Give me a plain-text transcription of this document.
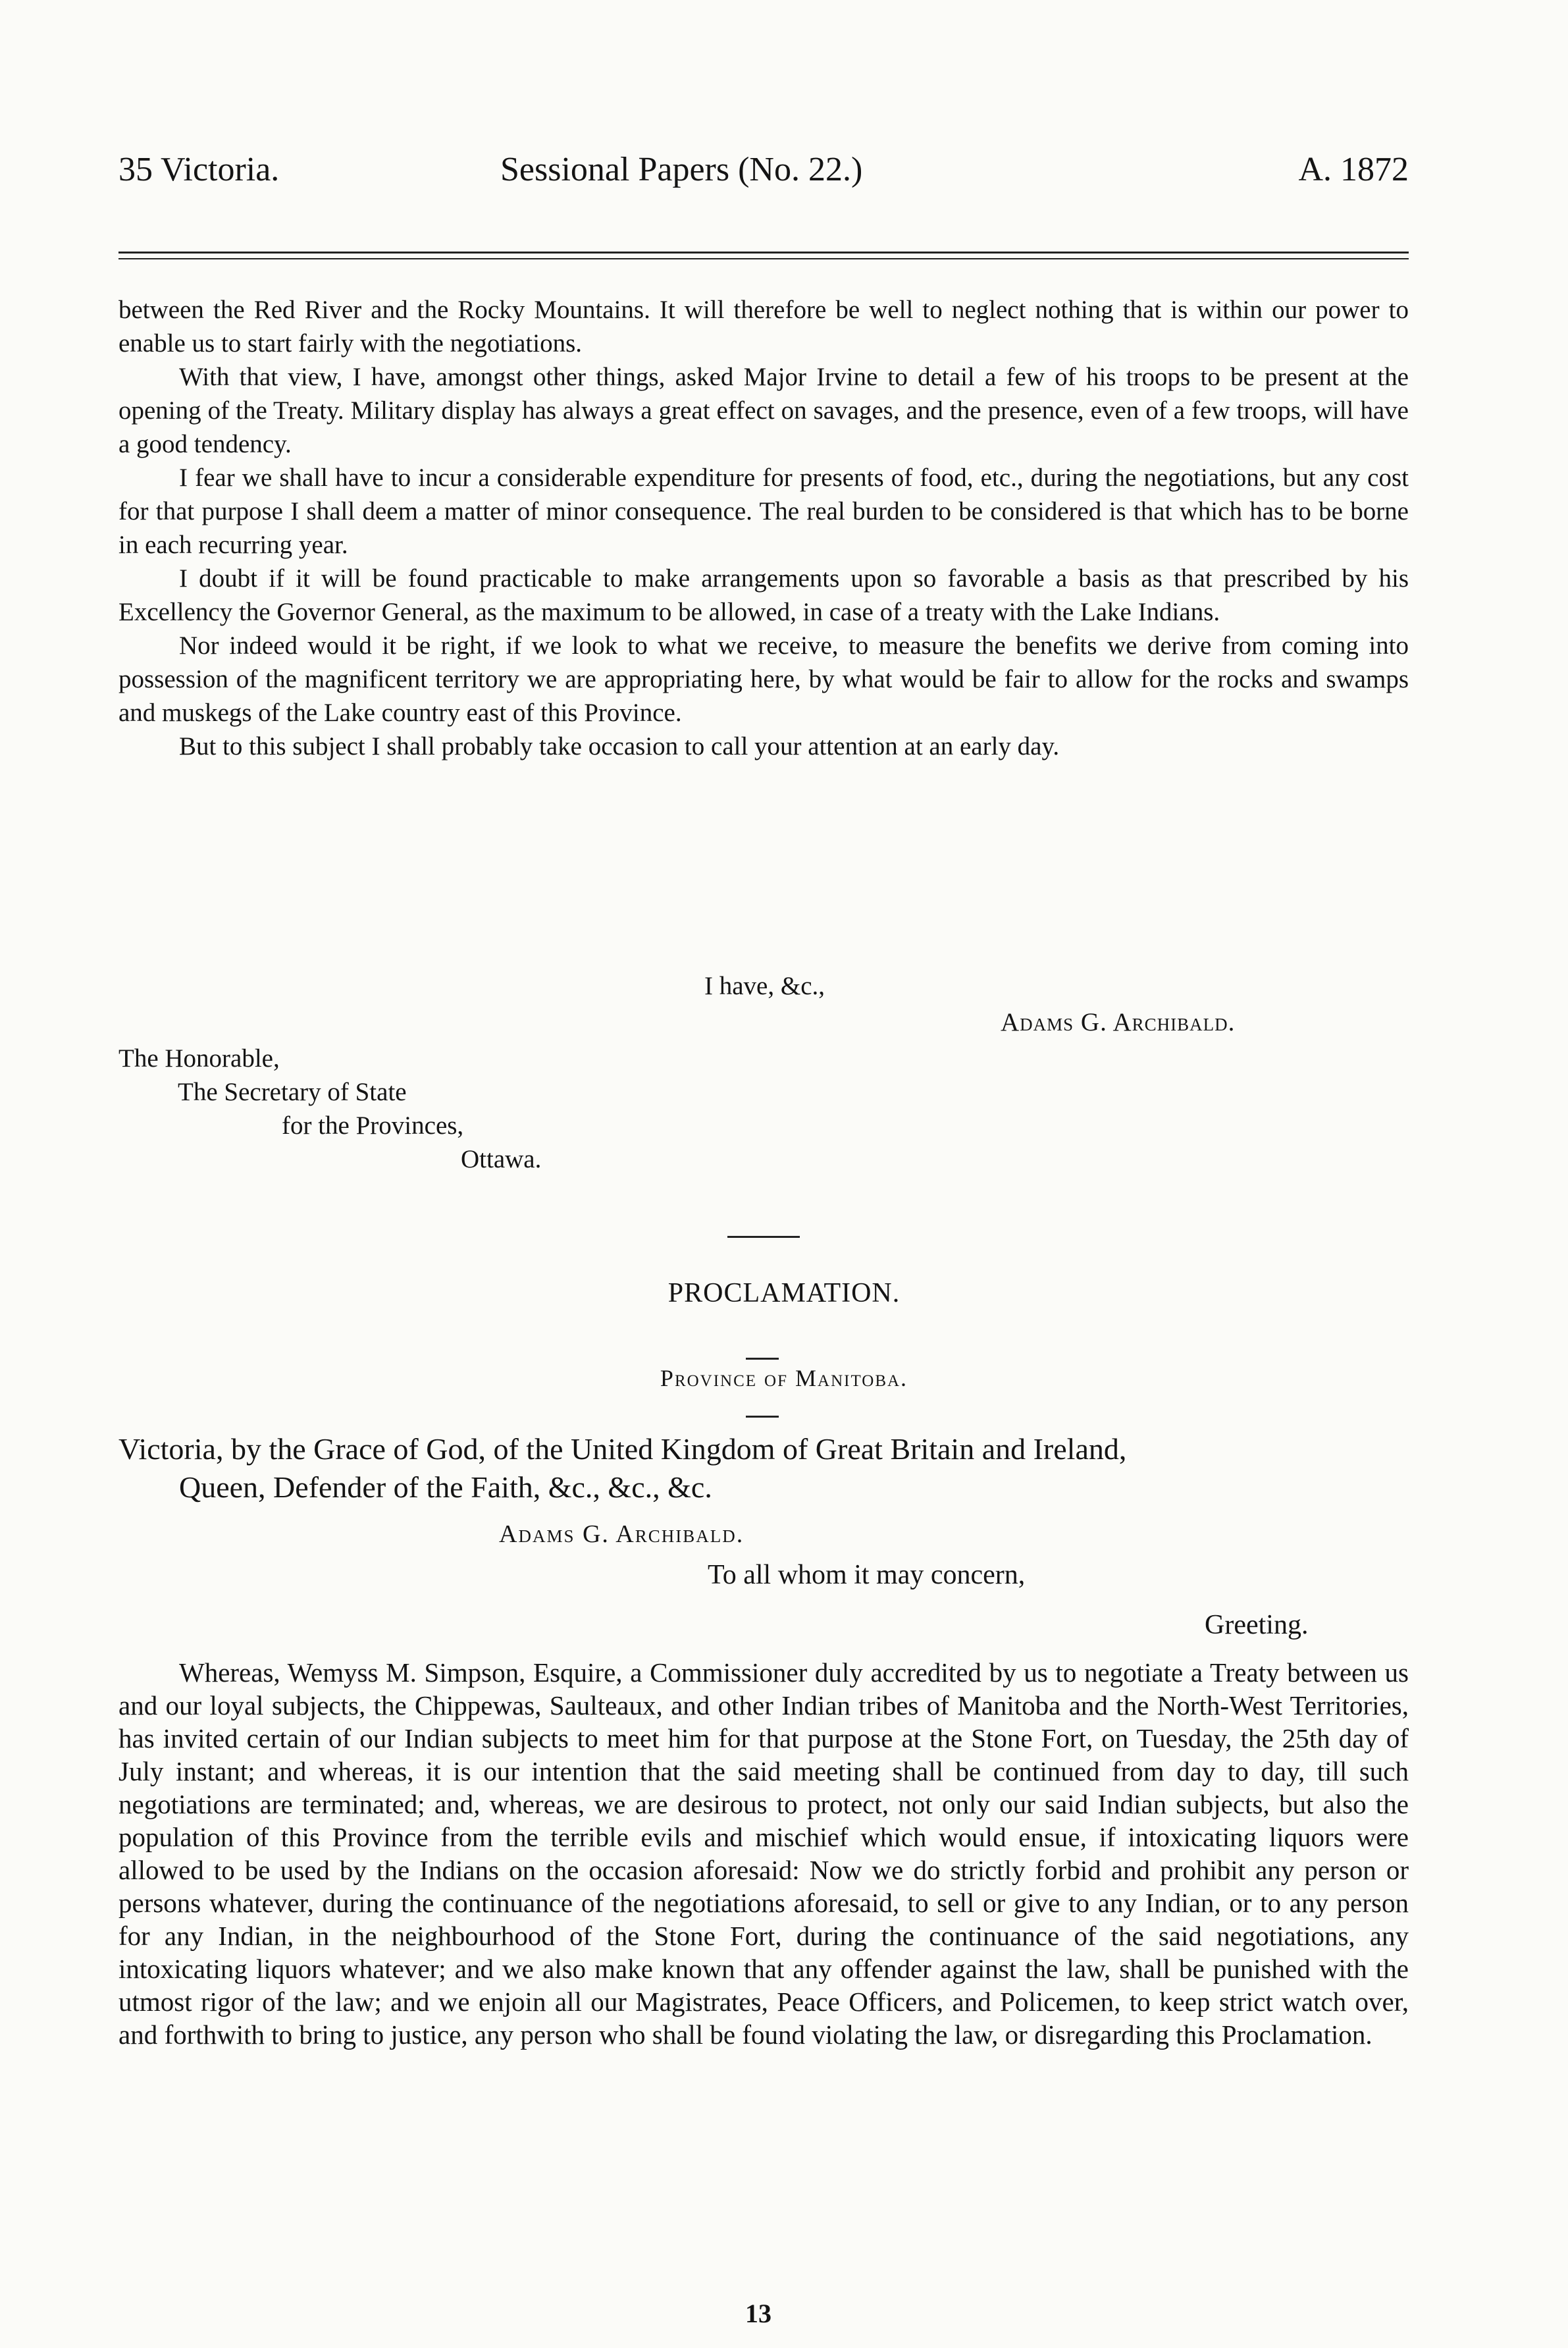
35 Victoria.	Sessional Papers (No. 22.)	A. 1872

between the Red River and the Rocky Mountains. It will therefore be well to neglect nothing that is within our power to enable us to start fairly with the negotiations.

With that view, I have, amongst other things, asked Major Irvine to detail a few of his troops to be present at the opening of the Treaty. Military display has always a great effect on savages, and the presence, even of a few troops, will have a good tendency.

I fear we shall have to incur a considerable expenditure for presents of food, etc., during the negotiations, but any cost for that purpose I shall deem a matter of minor consequence. The real burden to be considered is that which has to be borne in each recurring year.

I doubt if it will be found practicable to make arrangements upon so favorable a basis as that prescribed by his Excellency the Governor General, as the maximum to be allowed, in case of a treaty with the Lake Indians.

Nor indeed would it be right, if we look to what we receive, to measure the benefits we derive from coming into possession of the magnificent territory we are appropriating here, by what would be fair to allow for the rocks and swamps and muskegs of the Lake country east of this Province.

But to this subject I shall probably take occasion to call your attention at an early day.

I have, &c.,
Adams G. Archibald.
The Honorable,
The Secretary of State
for the Provinces,
Ottawa.
PROCLAMATION.
Province of Manitoba.
Victoria, by the Grace of God, of the United Kingdom of Great Britain and Ireland,
Queen, Defender of the Faith, &c., &c., &c.
Adams G. Archibald.
To all whom it may concern,
Greeting.

Whereas, Wemyss M. Simpson, Esquire, a Commissioner duly accredited by us to negotiate a Treaty between us and our loyal subjects, the Chippewas, Saulteaux, and other Indian tribes of Manitoba and the North-West Territories, has invited certain of our Indian subjects to meet him for that purpose at the Stone Fort, on Tuesday, the 25th day of July instant; and whereas, it is our intention that the said meeting shall be continued from day to day, till such negotiations are terminated; and, whereas, we are desirous to protect, not only our said Indian subjects, but also the population of this Province from the terrible evils and mischief which would ensue, if intoxicating liquors were allowed to be used by the Indians on the occasion aforesaid: Now we do strictly forbid and prohibit any person or persons whatever, during the continuance of the negotiations aforesaid, to sell or give to any Indian, or to any person for any Indian, in the neighbourhood of the Stone Fort, during the continuance of the said negotiations, any intoxicating liquors whatever; and we also make known that any offender against the law, shall be punished with the utmost rigor of the law; and we enjoin all our Magistrates, Peace Officers, and Policemen, to keep strict watch over, and forthwith to bring to justice, any person who shall be found violating the law, or disregarding this Proclamation.

13
